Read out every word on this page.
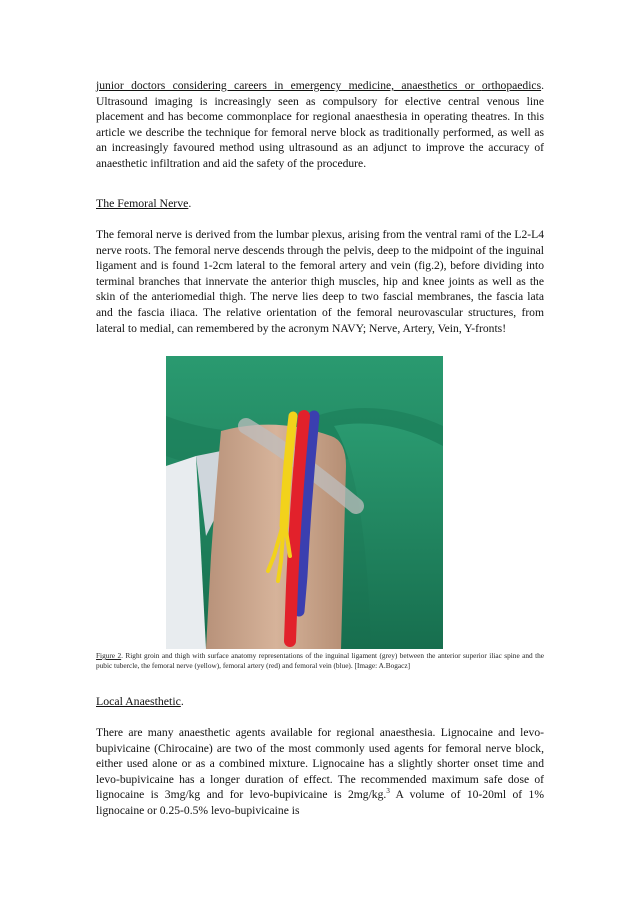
junior doctors considering careers in emergency medicine, anaesthetics or orthopaedics. Ultrasound imaging is increasingly seen as compulsory for elective central venous line placement and has become commonplace for regional anaesthesia in operating theatres. In this article we describe the technique for femoral nerve block as traditionally performed, as well as an increasingly favoured method using ultrasound as an adjunct to improve the accuracy of anaesthetic infiltration and aid the safety of the procedure.

The Femoral Nerve.

The femoral nerve is derived from the lumbar plexus, arising from the ventral rami of the L2-L4 nerve roots. The femoral nerve descends through the pelvis, deep to the midpoint of the inguinal ligament and is found 1-2cm lateral to the femoral artery and vein (fig.2), before dividing into terminal branches that innervate the anterior thigh muscles, hip and knee joints as well as the skin of the anteriomedial thigh. The nerve lies deep to two fascial membranes, the fascia lata and the fascia iliaca. The relative orientation of the femoral neurovascular structures, from lateral to medial, can remembered by the acronym NAVY; Nerve, Artery, Vein, Y-fronts!

Figure 2. Right groin and thigh with surface anatomy representations of the inguinal ligament (grey) between the anterior superior iliac spine and the pubic tubercle, the femoral nerve (yellow), femoral artery (red) and femoral vein (blue). [Image: A.Bogacz]

Local Anaesthetic.

There are many anaesthetic agents available for regional anaesthesia. Lignocaine and levo-bupivicaine (Chirocaine) are two of the most commonly used agents for femoral nerve block, either used alone or as a combined mixture. Lignocaine has a slightly shorter onset time and levo-bupivicaine has a longer duration of effect. The recommended maximum safe dose of lignocaine is 3mg/kg and for levo-bupivicaine is 2mg/kg.$^3$ A volume of 10-20ml of 1% lignocaine or 0.25-0.5% levo-bupivicaine is
